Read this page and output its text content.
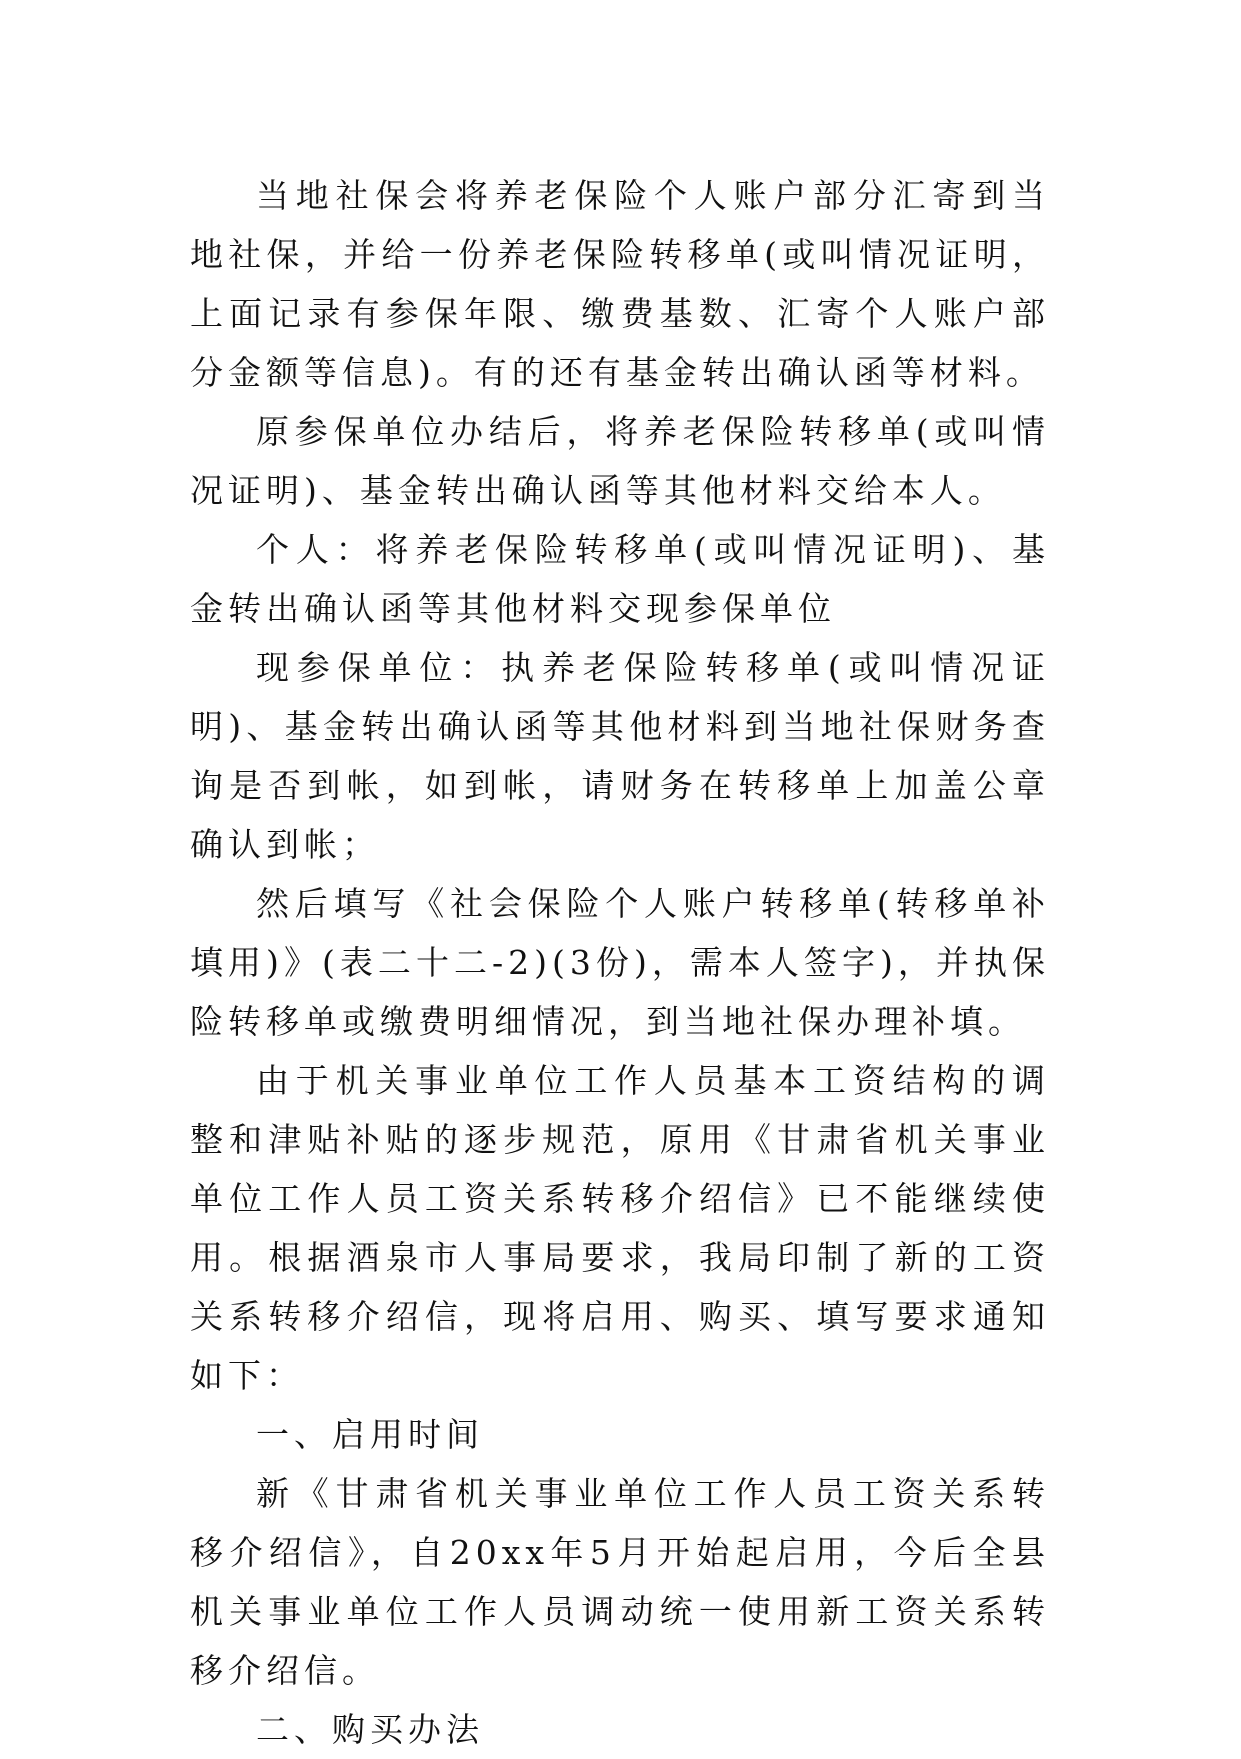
当地社保会将养老保险个人账户部分汇寄到当地社保，并给一份养老保险转移单(或叫情况证明，上面记录有参保年限、缴费基数、汇寄个人账户部分金额等信息)。有的还有基金转出确认函等材料。

原参保单位办结后，将养老保险转移单(或叫情况证明)、基金转出确认函等其他材料交给本人。

个人：将养老保险转移单(或叫情况证明)、基金转出确认函等其他材料交现参保单位

现参保单位：执养老保险转移单(或叫情况证明)、基金转出确认函等其他材料到当地社保财务查询是否到帐，如到帐，请财务在转移单上加盖公章确认到帐；

然后填写《社会保险个人账户转移单(转移单补填用)》(表二十二-2)(3份)，需本人签字)，并执保险转移单或缴费明细情况，到当地社保办理补填。

由于机关事业单位工作人员基本工资结构的调整和津贴补贴的逐步规范，原用《甘肃省机关事业单位工作人员工资关系转移介绍信》已不能继续使用。根据酒泉市人事局要求，我局印制了新的工资关系转移介绍信，现将启用、购买、填写要求通知如下：

一、启用时间

新《甘肃省机关事业单位工作人员工资关系转移介绍信》，自20xx年5月开始起启用，今后全县机关事业单位工作人员调动统一使用新工资关系转移介绍信。

二、购买办法
